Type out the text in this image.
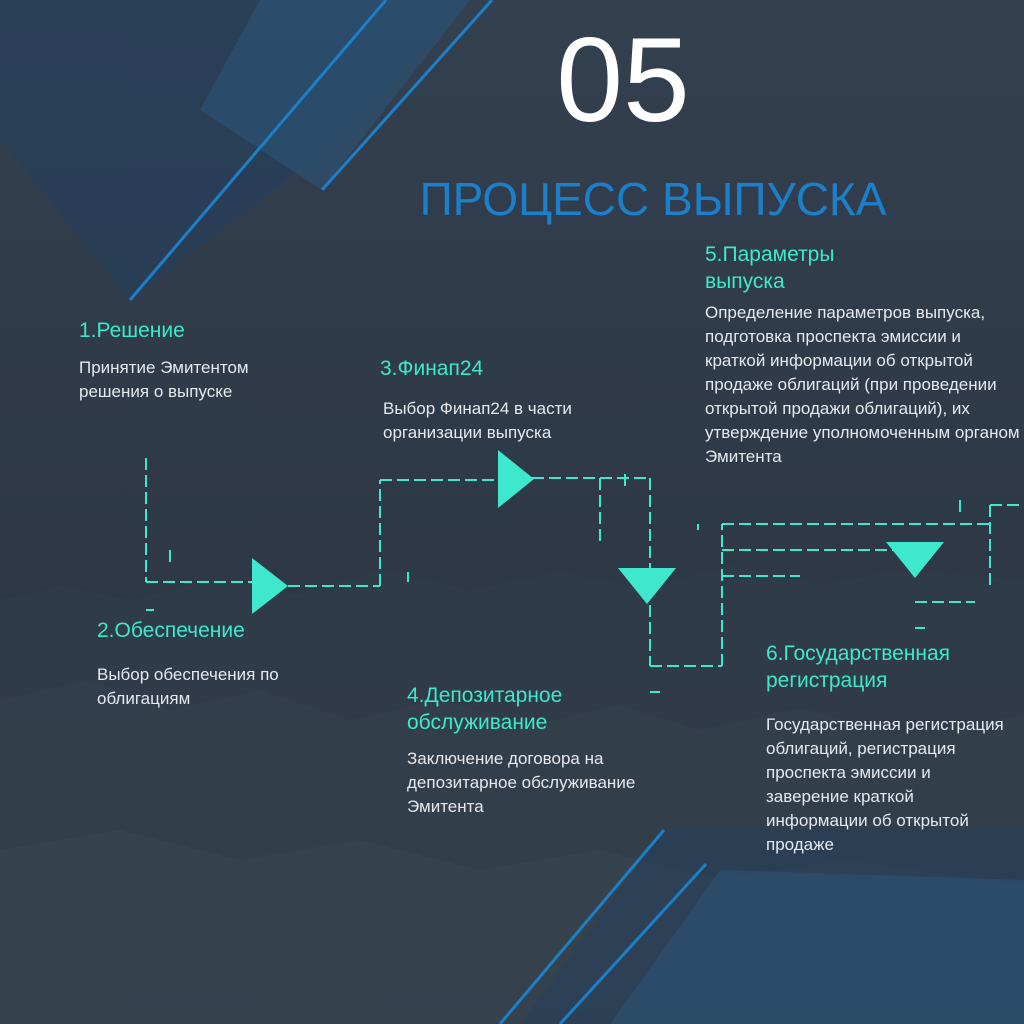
05
ПРОЦЕСС ВЫПУСКА
1.Решение
Принятие Эмитентом решения о выпуске
2.Обеспечение
Выбор обеспечения по облигациям
3.Финап24
Выбор Финап24 в части организации выпуска
4.Депозитарное обслуживание
Заключение договора на депозитарное обслуживание Эмитента
5.Параметры выпуска
Определение параметров выпуска, подготовка проспекта эмиссии и краткой информации об открытой продаже облигаций (при проведении открытой продажи облигаций), их утверждение уполномоченным органом Эмитента
6.Государственная регистрация
Государственная регистрация облигаций, регистрация проспекта эмиссии и заверение краткой информации об открытой продаже
